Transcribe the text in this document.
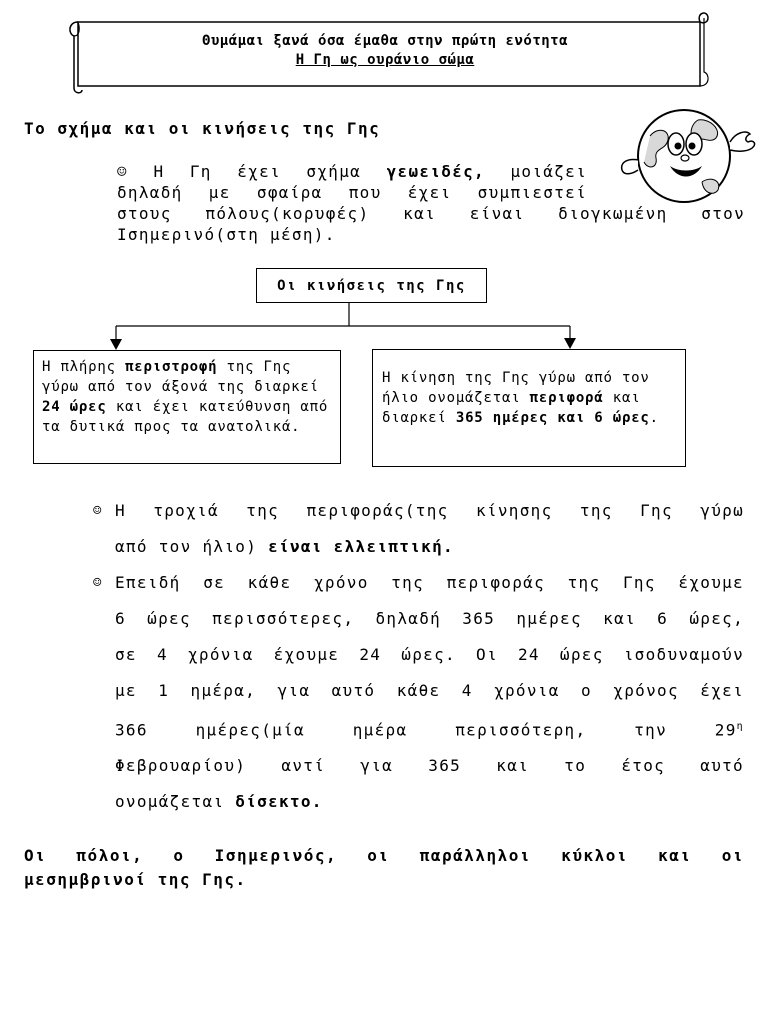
Θυμάμαι ξανά όσα έμαθα στην πρώτη ενότητα
Η Γη ως ουράνιο σώμα
Το σχήμα και οι κινήσεις της Γης
☺ Η Γη έχει σχήμα γεωειδές, μοιάζει
δηλαδή με σφαίρα που έχει συμπιεστεί
στους πόλους(κορυφές) και είναι διογκωμένη στον
Ισημερινό(στη μέση).
Οι κινήσεις της Γης
Η πλήρης περιστροφή της Γης γύρω από τον άξονά της διαρκεί 24 ώρες και έχει κατεύθυνση από τα δυτικά προς τα ανατολικά.
Η κίνηση της Γης γύρω από τον ήλιο ονομάζεται περιφορά και διαρκεί 365 ημέρες και 6 ώρες.
☺ Η τροχιά της περιφοράς(της κίνησης της Γης γύρω
από τον ήλιο) είναι ελλειπτική.
☺ Επειδή σε κάθε χρόνο της περιφοράς της Γης έχουμε
6 ώρες περισσότερες, δηλαδή 365 ημέρες και 6 ώρες,
σε 4 χρόνια έχουμε 24 ώρες. Οι 24 ώρες ισοδυναμούν
με 1 ημέρα, για αυτό κάθε 4 χρόνια ο χρόνος έχει
366 ημέρες(μία ημέρα περισσότερη, την $29^\eta$
Φεβρουαρίου) αντί για 365 και το έτος αυτό
ονομάζεται δίσεκτο.
Οι πόλοι, ο Ισημερινός, οι παράλληλοι κύκλοι και οι
μεσημβρινοί της Γης.
